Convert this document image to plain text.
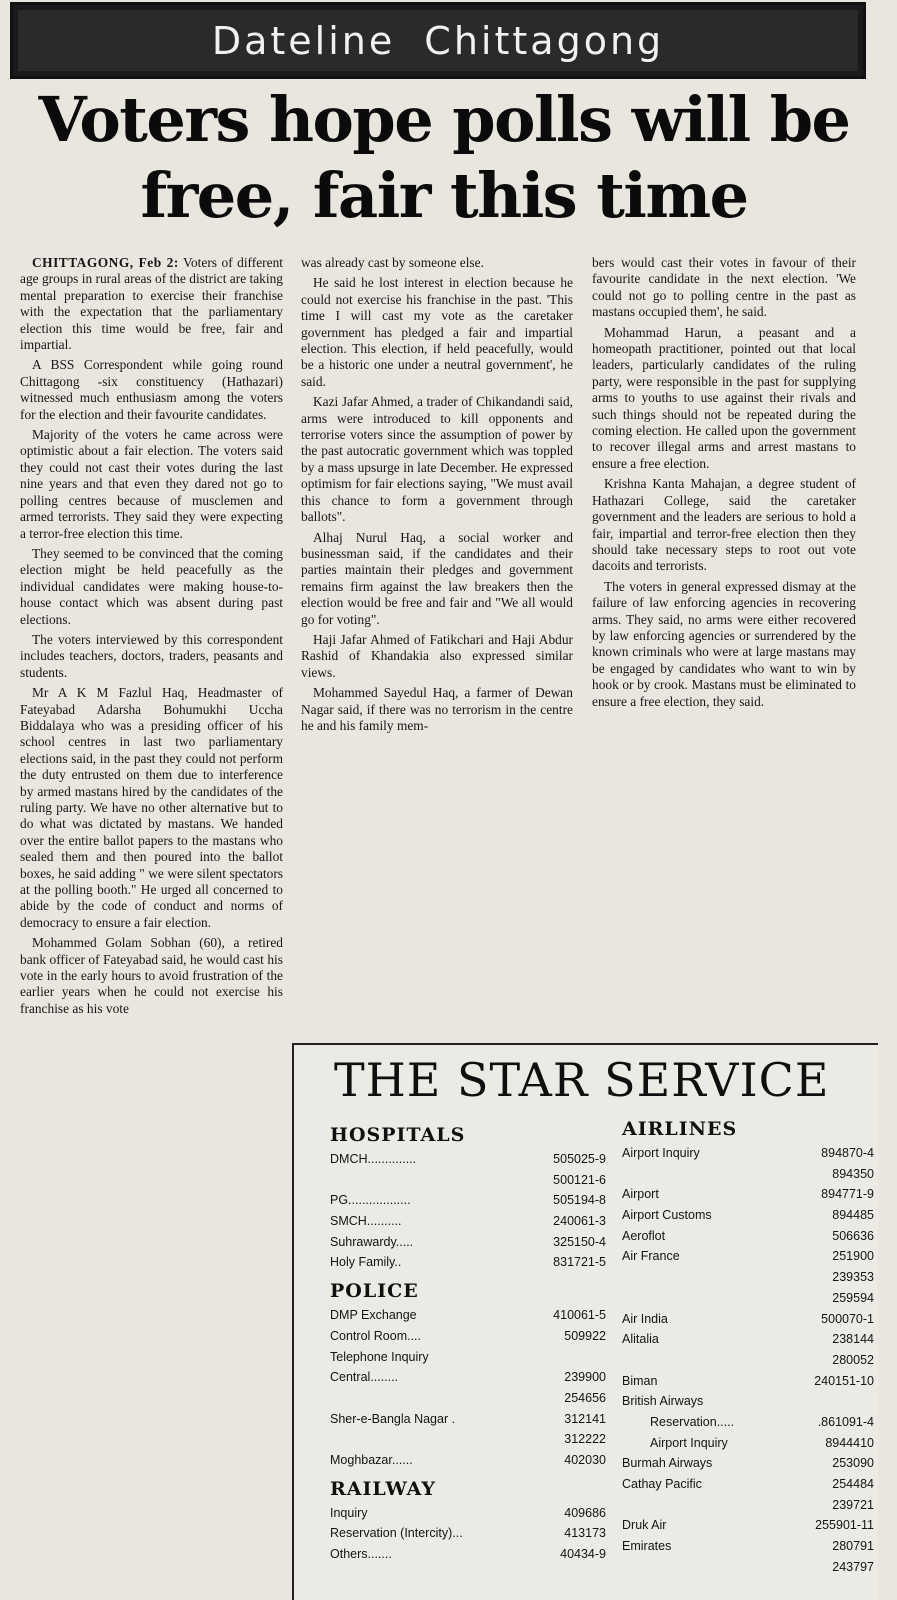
Dateline Chittagong
Voters hope polls will be free, fair this time

CHITTAGONG, Feb 2: Voters of different age groups in rural areas of the district are taking mental preparation to exercise their franchise with the expectation that the parliamentary election this time would be free, fair and impartial.

A BSS Correspondent while going round Chittagong -six constituency (Hathazari) witnessed much enthusiasm among the voters for the election and their favourite candidates.

Majority of the voters he came across were optimistic about a fair election. The voters said they could not cast their votes during the last nine years and that even they dared not go to polling centres because of musclemen and armed terrorists. They said they were expecting a terror-free election this time.

They seemed to be convinced that the coming election might be held peacefully as the individual candidates were making house-to-house contact which was absent during past elections.

The voters interviewed by this correspondent includes teachers, doctors, traders, peasants and students.

Mr A K M Fazlul Haq, Headmaster of Fateyabad Adarsha Bohumukhi Uccha Biddalaya who was a presiding officer of his school centres in last two parliamentary elections said, in the past they could not perform the duty entrusted on them due to interference by armed mastans hired by the candidates of the ruling party. We have no other alternative but to do what was dictated by mastans. We handed over the entire ballot papers to the mastans who sealed them and then poured into the ballot boxes, he said adding " we were silent spectators at the polling booth." He urged all concerned to abide by the code of conduct and norms of democracy to ensure a fair election.

Mohammed Golam Sobhan (60), a retired bank officer of Fateyabad said, he would cast his vote in the early hours to avoid frustration of the earlier years when he could not exercise his franchise as his vote

was already cast by someone else.

He said he lost interest in election because he could not exercise his franchise in the past. 'This time I will cast my vote as the caretaker government has pledged a fair and impartial election. This election, if held peacefully, would be a historic one under a neutral government', he said.

Kazi Jafar Ahmed, a trader of Chikandandi said, arms were introduced to kill opponents and terrorise voters since the assumption of power by the past autocratic government which was toppled by a mass upsurge in late December. He expressed optimism for fair elections saying, "We must avail this chance to form a government through ballots".

Alhaj Nurul Haq, a social worker and businessman said, if the candidates and their parties maintain their pledges and government remains firm against the law breakers then the election would be free and fair and "We all would go for voting".

Haji Jafar Ahmed of Fatikchari and Haji Abdur Rashid of Khandakia also expressed similar views.

Mohammed Sayedul Haq, a farmer of Dewan Nagar said, if there was no terrorism in the centre he and his family mem-

bers would cast their votes in favour of their favourite candidate in the next election. 'We could not go to polling centre in the past as mastans occupied them', he said.

Mohammad Harun, a peasant and a homeopath practitioner, pointed out that local leaders, particularly candidates of the ruling party, were responsible in the past for supplying arms to youths to use against their rivals and such things should not be repeated during the coming election. He called upon the government to recover illegal arms and arrest mastans to ensure a free election.

Krishna Kanta Mahajan, a degree student of Hathazari College, said the caretaker government and the leaders are serious to hold a fair, impartial and terror-free election then they should take necessary steps to root out vote dacoits and terrorists.

The voters in general expressed dismay at the failure of law enforcing agencies in recovering arms. They said, no arms were either recovered by law enforcing agencies or surrendered by the known criminals who were at large mastans may be engaged by candidates who want to win by hook or by crook. Mastans must be eliminated to ensure a free election, they said.

THE STAR SERVICE
HOSPITALS
DMCH..............	505025-9
500121-6
PG..................	505194-8
SMCH..........	240061-3
Suhrawardy.....	325150-4
Holy Family..	831721-5
POLICE
DMP Exchange	410061-5
Control Room....	509922
Telephone Inquiry
Central........	239900
254656
Sher-e-Bangla Nagar .	312141
312222
Moghbazar......	402030
RAILWAY
Inquiry	409686
Reservation (Intercity)...	413173
Others.......	40434-9
AIRLINES
Airport Inquiry	894870-4
894350
Airport	894771-9
Airport Customs	894485
Aeroflot	506636
Air France	251900
239353
259594
Air India	500070-1
Alitalia	238144
280052
Biman	240151-10
British Airways
Reservation.....	.861091-4
Airport Inquiry	8944410
Burmah Airways	253090
Cathay Pacific	254484
239721
Druk Air	255901-11
Emirates	280791
243797
